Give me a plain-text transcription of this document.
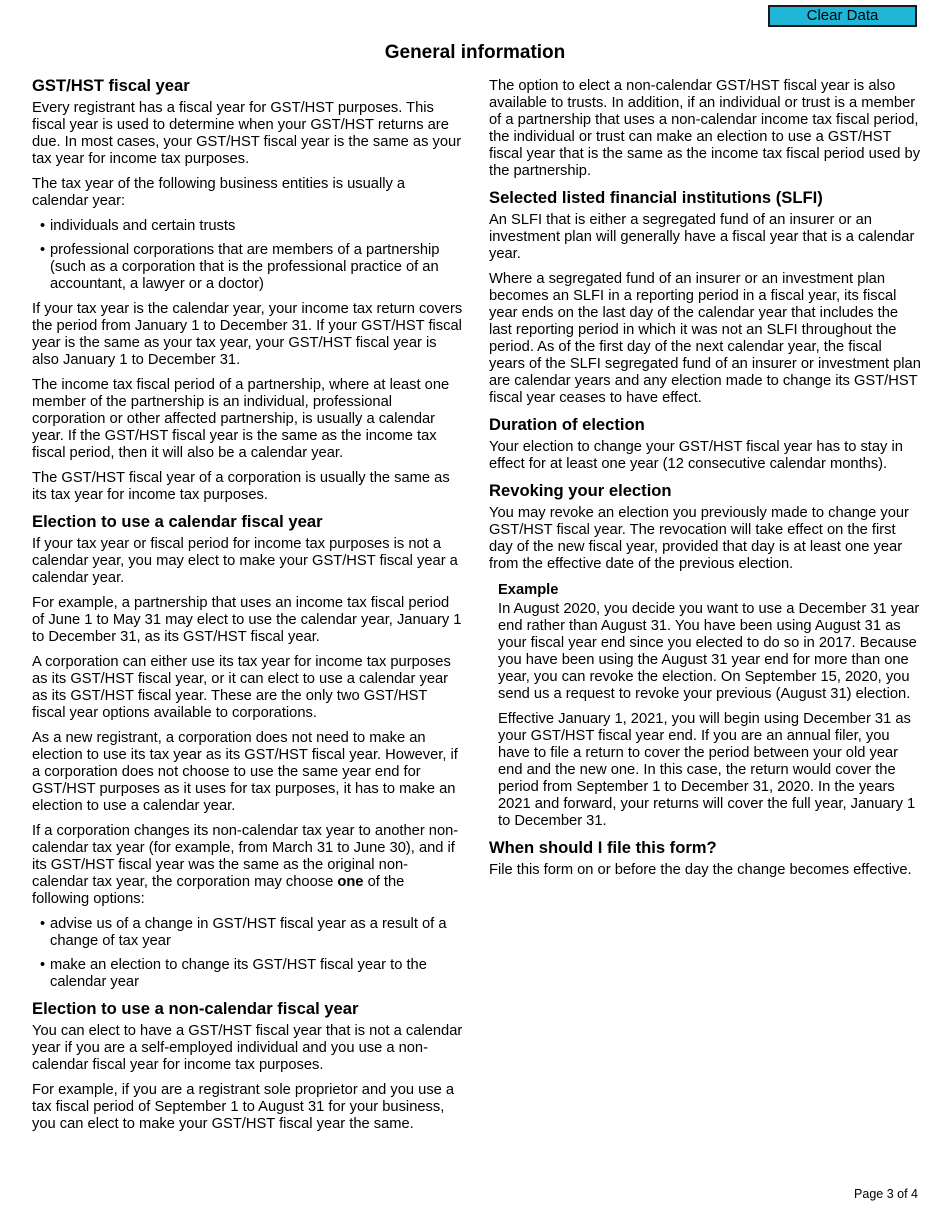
Clear Data
General information
GST/HST fiscal year

Every registrant has a fiscal year for GST/HST purposes. This fiscal year is used to determine when your GST/HST returns are due. In most cases, your GST/HST fiscal year is the same as your tax year for income tax purposes.

The tax year of the following business entities is usually a calendar year:

• individuals and certain trusts
• professional corporations that are members of a partnership (such as a corporation that is the professional practice of an accountant, a lawyer or a doctor)

If your tax year is the calendar year, your income tax return covers the period from January 1 to December 31. If your GST/HST fiscal year is the same as your tax year, your GST/HST fiscal year is also January 1 to December 31.

The income tax fiscal period of a partnership, where at least one member of the partnership is an individual, professional corporation or other affected partnership, is usually a calendar year. If the GST/HST fiscal year is the same as the income tax fiscal period, then it will also be a calendar year.

The GST/HST fiscal year of a corporation is usually the same as its tax year for income tax purposes.

Election to use a calendar fiscal year

If your tax year or fiscal period for income tax purposes is not a calendar year, you may elect to make your GST/HST fiscal year a calendar year.

For example, a partnership that uses an income tax fiscal period of June 1 to May 31 may elect to use the calendar year, January 1 to December 31, as its GST/HST fiscal year.

A corporation can either use its tax year for income tax purposes as its GST/HST fiscal year, or it can elect to use a calendar year as its GST/HST fiscal year. These are the only two GST/HST fiscal year options available to corporations.

As a new registrant, a corporation does not need to make an election to use its tax year as its GST/HST fiscal year. However, if a corporation does not choose to use the same year end for GST/HST purposes as it uses for tax purposes, it has to make an election to use a calendar year.

If a corporation changes its non-calendar tax year to another non-calendar tax year (for example, from March 31 to June 30), and if its GST/HST fiscal year was the same as the original non-calendar tax year, the corporation may choose one of the following options:

• advise us of a change in GST/HST fiscal year as a result of a change of tax year
• make an election to change its GST/HST fiscal year to the calendar year
Election to use a non-calendar fiscal year

You can elect to have a GST/HST fiscal year that is not a calendar year if you are a self-employed individual and you use a non-calendar fiscal year for income tax purposes.

For example, if you are a registrant sole proprietor and you use a tax fiscal period of September 1 to August 31 for your business, you can elect to make your GST/HST fiscal year the same.

The option to elect a non-calendar GST/HST fiscal year is also available to trusts. In addition, if an individual or trust is a member of a partnership that uses a non-calendar income tax fiscal period, the individual or trust can make an election to use a GST/HST fiscal year that is the same as the income tax fiscal period used by the partnership.

Selected listed financial institutions (SLFI)

An SLFI that is either a segregated fund of an insurer or an investment plan will generally have a fiscal year that is a calendar year.

Where a segregated fund of an insurer or an investment plan becomes an SLFI in a reporting period in a fiscal year, its fiscal year ends on the last day of the calendar year that includes the last reporting period in which it was not an SLFI throughout the period. As of the first day of the next calendar year, the fiscal years of the SLFI segregated fund of an insurer or investment plan are calendar years and any election made to change its GST/HST fiscal year ceases to have effect.

Duration of election

Your election to change your GST/HST fiscal year has to stay in effect for at least one year (12 consecutive calendar months).

Revoking your election

You may revoke an election you previously made to change your GST/HST fiscal year. The revocation will take effect on the first day of the new fiscal year, provided that day is at least one year from the effective date of the previous election.

Example

In August 2020, you decide you want to use a December 31 year end rather than August 31. You have been using August 31 as your fiscal year end since you elected to do so in 2017. Because you have been using the August 31 year end for more than one year, you can revoke the election. On September 15, 2020, you send us a request to revoke your previous (August 31) election.

Effective January 1, 2021, you will begin using December 31 as your GST/HST fiscal year end. If you are an annual filer, you have to file a return to cover the period between your old year end and the new one. In this case, the return would cover the period from September 1 to December 31, 2020. In the years 2021 and forward, your returns will cover the full year, January 1 to December 31.

When should I file this form?

File this form on or before the day the change becomes effective.

Page 3 of 4
